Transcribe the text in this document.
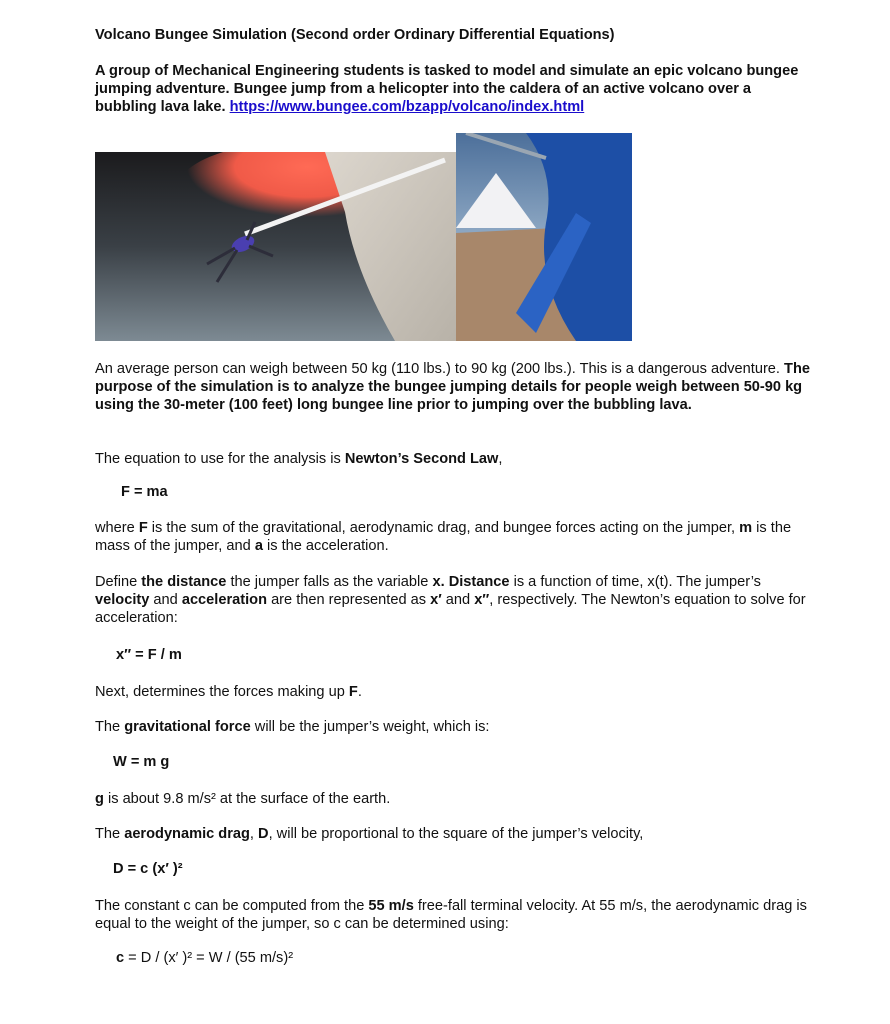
Volcano Bungee Simulation (Second order Ordinary Differential Equations)
A group of Mechanical Engineering students is tasked to model and simulate an epic volcano bungee jumping adventure. Bungee jump from a helicopter into the caldera of an active volcano over a bubbling lava lake. https://www.bungee.com/bzapp/volcano/index.html
An average person can weigh between 50 kg (110 lbs.) to 90 kg (200 lbs.). This is a dangerous adventure. The purpose of the simulation is to analyze the bungee jumping details for people weigh between 50-90 kg using the 30-meter (100 feet) long bungee line prior to jumping over the bubbling lava.
The equation to use for the analysis is Newton’s Second Law,
F = ma
where F is the sum of the gravitational, aerodynamic drag, and bungee forces acting on the jumper, m is the mass of the jumper, and a is the acceleration.
Define the distance the jumper falls as the variable x. Distance is a function of time, x(t). The jumper’s velocity and acceleration are then represented as x′ and x″, respectively. The Newton’s equation to solve for acceleration:
x″ = F / m
Next, determines the forces making up F.
The gravitational force will be the jumper’s weight, which is:
W = m g
g is about 9.8 m/s² at the surface of the earth.
The aerodynamic drag, D, will be proportional to the square of the jumper’s velocity,
D = c (x′ )²
The constant c can be computed from the 55 m/s free-fall terminal velocity. At 55 m/s, the aerodynamic drag is equal to the weight of the jumper, so c can be determined using:
c = D / (x′ )² = W / (55 m/s)²
